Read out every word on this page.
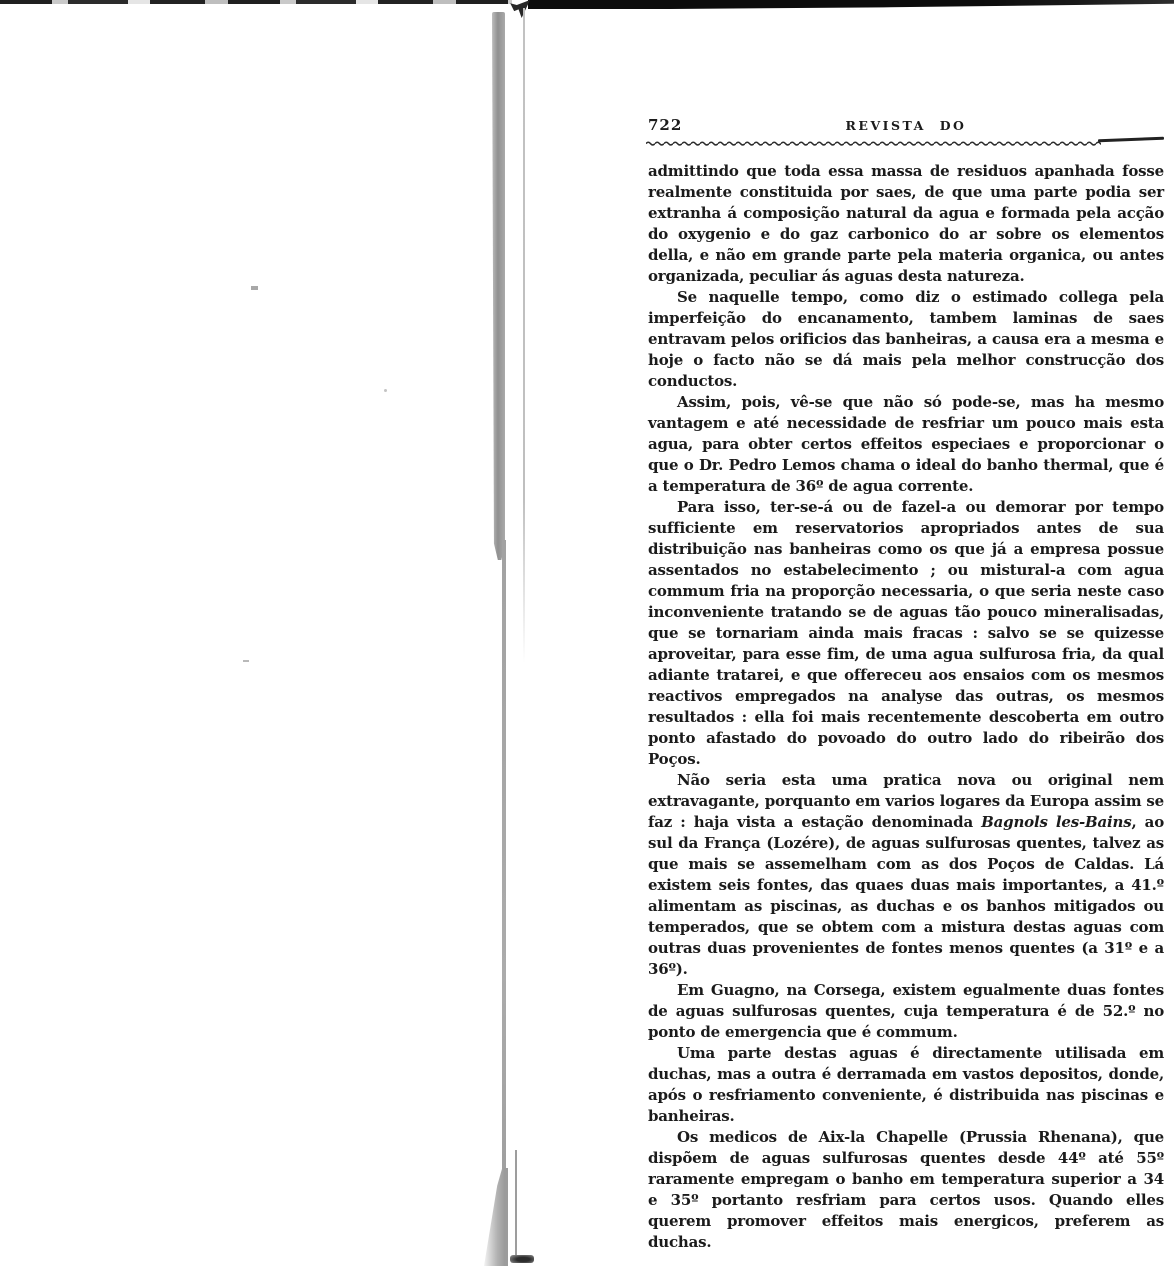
722	REVISTA DO

admittindo que toda essa massa de residuos apanhada fosse realmente constituida por saes, de que uma parte podia ser extranha á composição natural da agua e formada pela acção do oxygenio e do gaz carbonico do ar sobre os elementos della, e não em grande parte pela materia organica, ou antes organizada, peculiar ás aguas desta natureza.

Se naquelle tempo, como diz o estimado collega pela imperfeição do encanamento, tambem laminas de saes entravam pelos orificios das banheiras, a causa era a mesma e hoje o facto não se dá mais pela melhor construcção dos conductos.

Assim, pois, vê-se que não só pode-se, mas ha mesmo vantagem e até necessidade de resfriar um pouco mais esta agua, para obter certos effeitos especiaes e proporcionar o que o Dr. Pedro Lemos chama o ideal do banho thermal, que é a temperatura de 36º de agua corrente.

Para isso, ter-se-á ou de fazel-a ou demorar por tempo sufficiente em reservatorios apropriados antes de sua distribuição nas banheiras como os que já a empresa possue assentados no estabelecimento ; ou mistural-a com agua commum fria na proporção necessaria, o que seria neste caso inconveniente tratando se de aguas tão pouco mineralisadas, que se tornariam ainda mais fracas : salvo se se quizesse aproveitar, para esse fim, de uma agua sulfurosa fria, da qual adiante tratarei, e que offereceu aos ensaios com os mesmos reactivos empregados na analyse das outras, os mesmos resultados : ella foi mais recentemente descoberta em outro ponto afastado do povoado do outro lado do ribeirão dos Poços.

Não seria esta uma pratica nova ou original nem extravagante, porquanto em varios logares da Europa assim se faz : haja vista a estação denominada Bagnols les-Bains, ao sul da França (Lozére), de aguas sulfurosas quentes, talvez as que mais se assemelham com as dos Poços de Caldas. Lá existem seis fontes, das quaes duas mais importantes, a 41.º alimentam as piscinas, as duchas e os banhos mitigados ou temperados, que se obtem com a mistura destas aguas com outras duas provenientes de fontes menos quentes (a 31º e a 36º).

Em Guagno, na Corsega, existem egualmente duas fontes de aguas sulfurosas quentes, cuja temperatura é de 52.º no ponto de emergencia que é commum.

Uma parte destas aguas é directamente utilisada em duchas, mas a outra é derramada em vastos depositos, donde, após o resfriamento conveniente, é distribuida nas piscinas e banheiras.

Os medicos de Aix-la Chapelle (Prussia Rhenana), que dispõem de aguas sulfurosas quentes desde 44º até 55º raramente empregam o banho em temperatura superior a 34 e 35º portanto resfriam para certos usos. Quando elles querem promover effeitos mais energicos, preferem as duchas.
